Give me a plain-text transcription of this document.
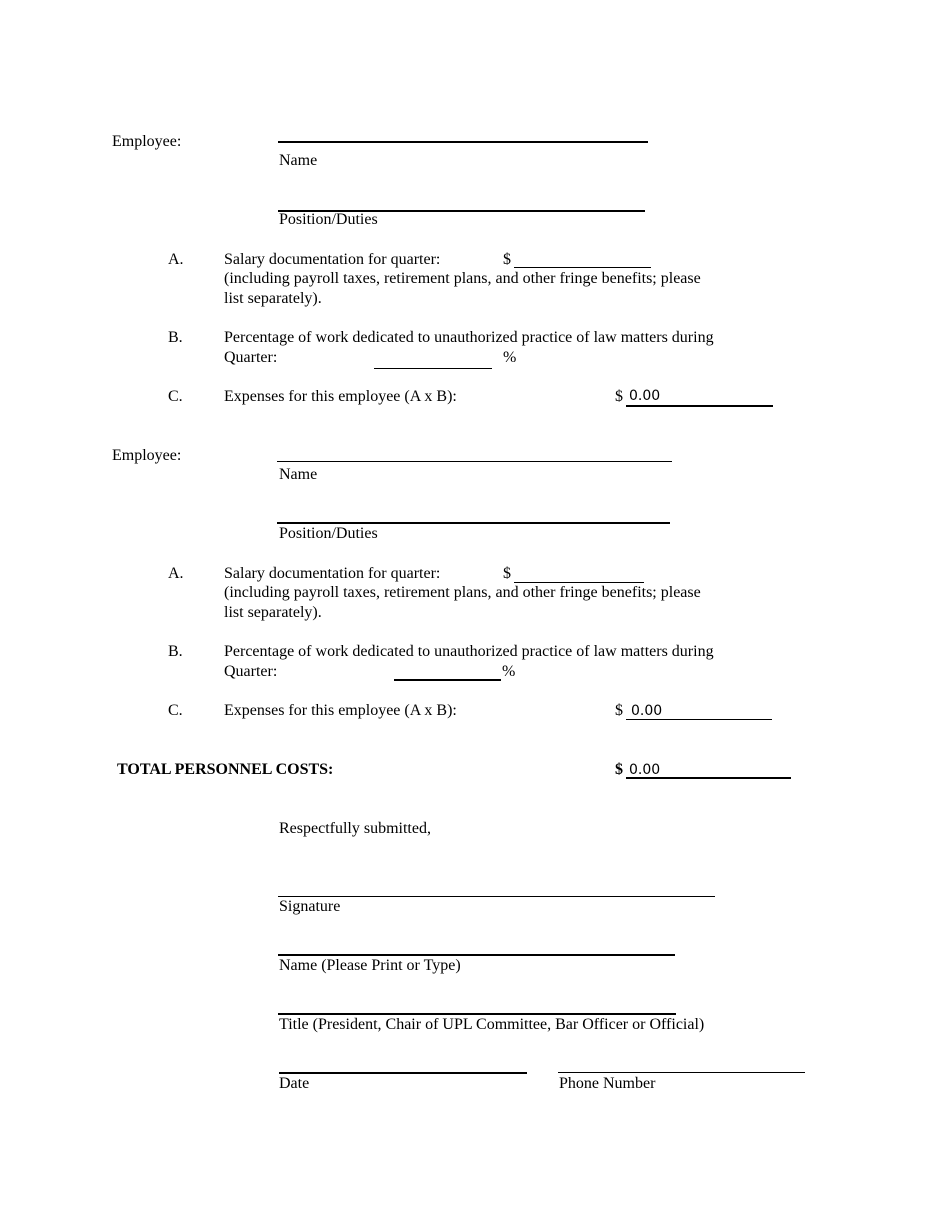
Employee:
Name
Position/Duties
A.	Salary documentation for quarter:	$
(including payroll taxes, retirement plans, and other fringe benefits; please
list separately).
B.	Percentage of work dedicated to unauthorized practice of law matters during
Quarter:	%
C.	Expenses for this employee (A x B):	$ 0.00
Employee:
Name
Position/Duties
A.	Salary documentation for quarter:	$
(including payroll taxes, retirement plans, and other fringe benefits; please
list separately).
B.	Percentage of work dedicated to unauthorized practice of law matters during
Quarter:	%
C.	Expenses for this employee (A x B):	$ 0.00
TOTAL PERSONNEL COSTS:	$ 0.00
Respectfully submitted,
Signature
Name (Please Print or Type)
Title (President, Chair of UPL Committee, Bar Officer or Official)
Date	Phone Number
